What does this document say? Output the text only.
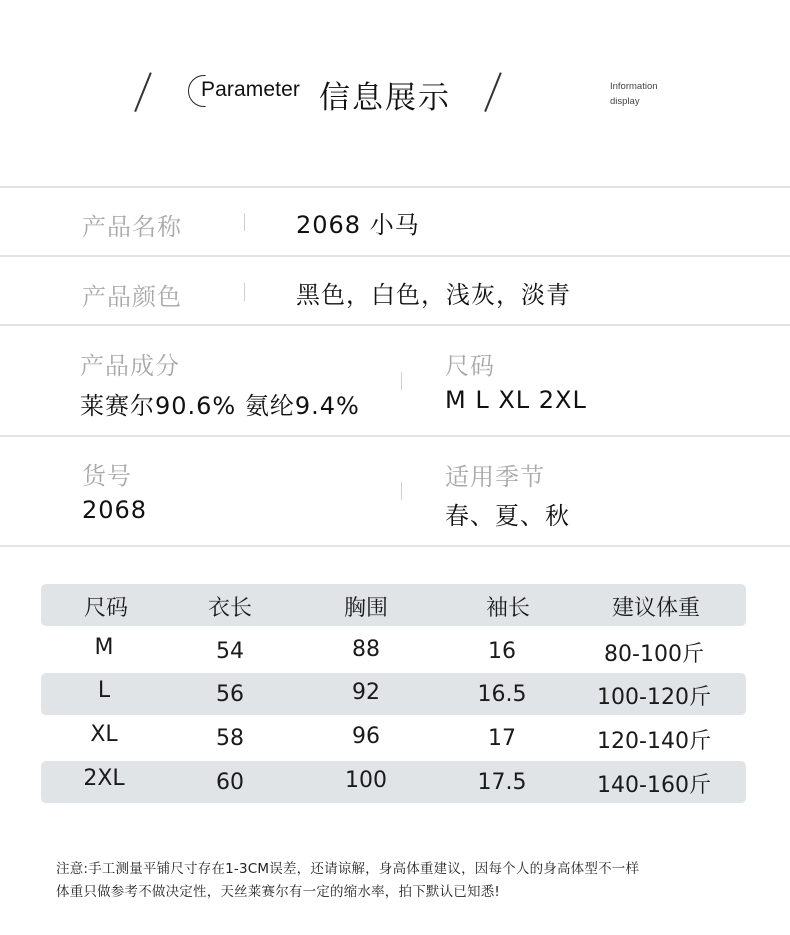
Parameter 信息展示	Information
display
产品名称	2068 小马
产品颜色	黑色，白色，浅灰，淡青
产品成分
莱赛尔90.6% 氨纶9.4%
尺码
M L XL 2XL
货号
2068
适用季节
春、夏、秋
尺码	衣长	胸围	袖长	建议体重
M	54	88	16	80-100斤
L	56	92	16.5	100-120斤
XL	58	96	17	120-140斤
2XL	60	100	17.5	140-160斤
注意:手工测量平铺尺寸存在1-3CM误差，还请谅解，身高体重建议，因每个人的身高体型不一样
体重只做参考不做决定性，天丝莱赛尔有一定的缩水率，拍下默认已知悉!
